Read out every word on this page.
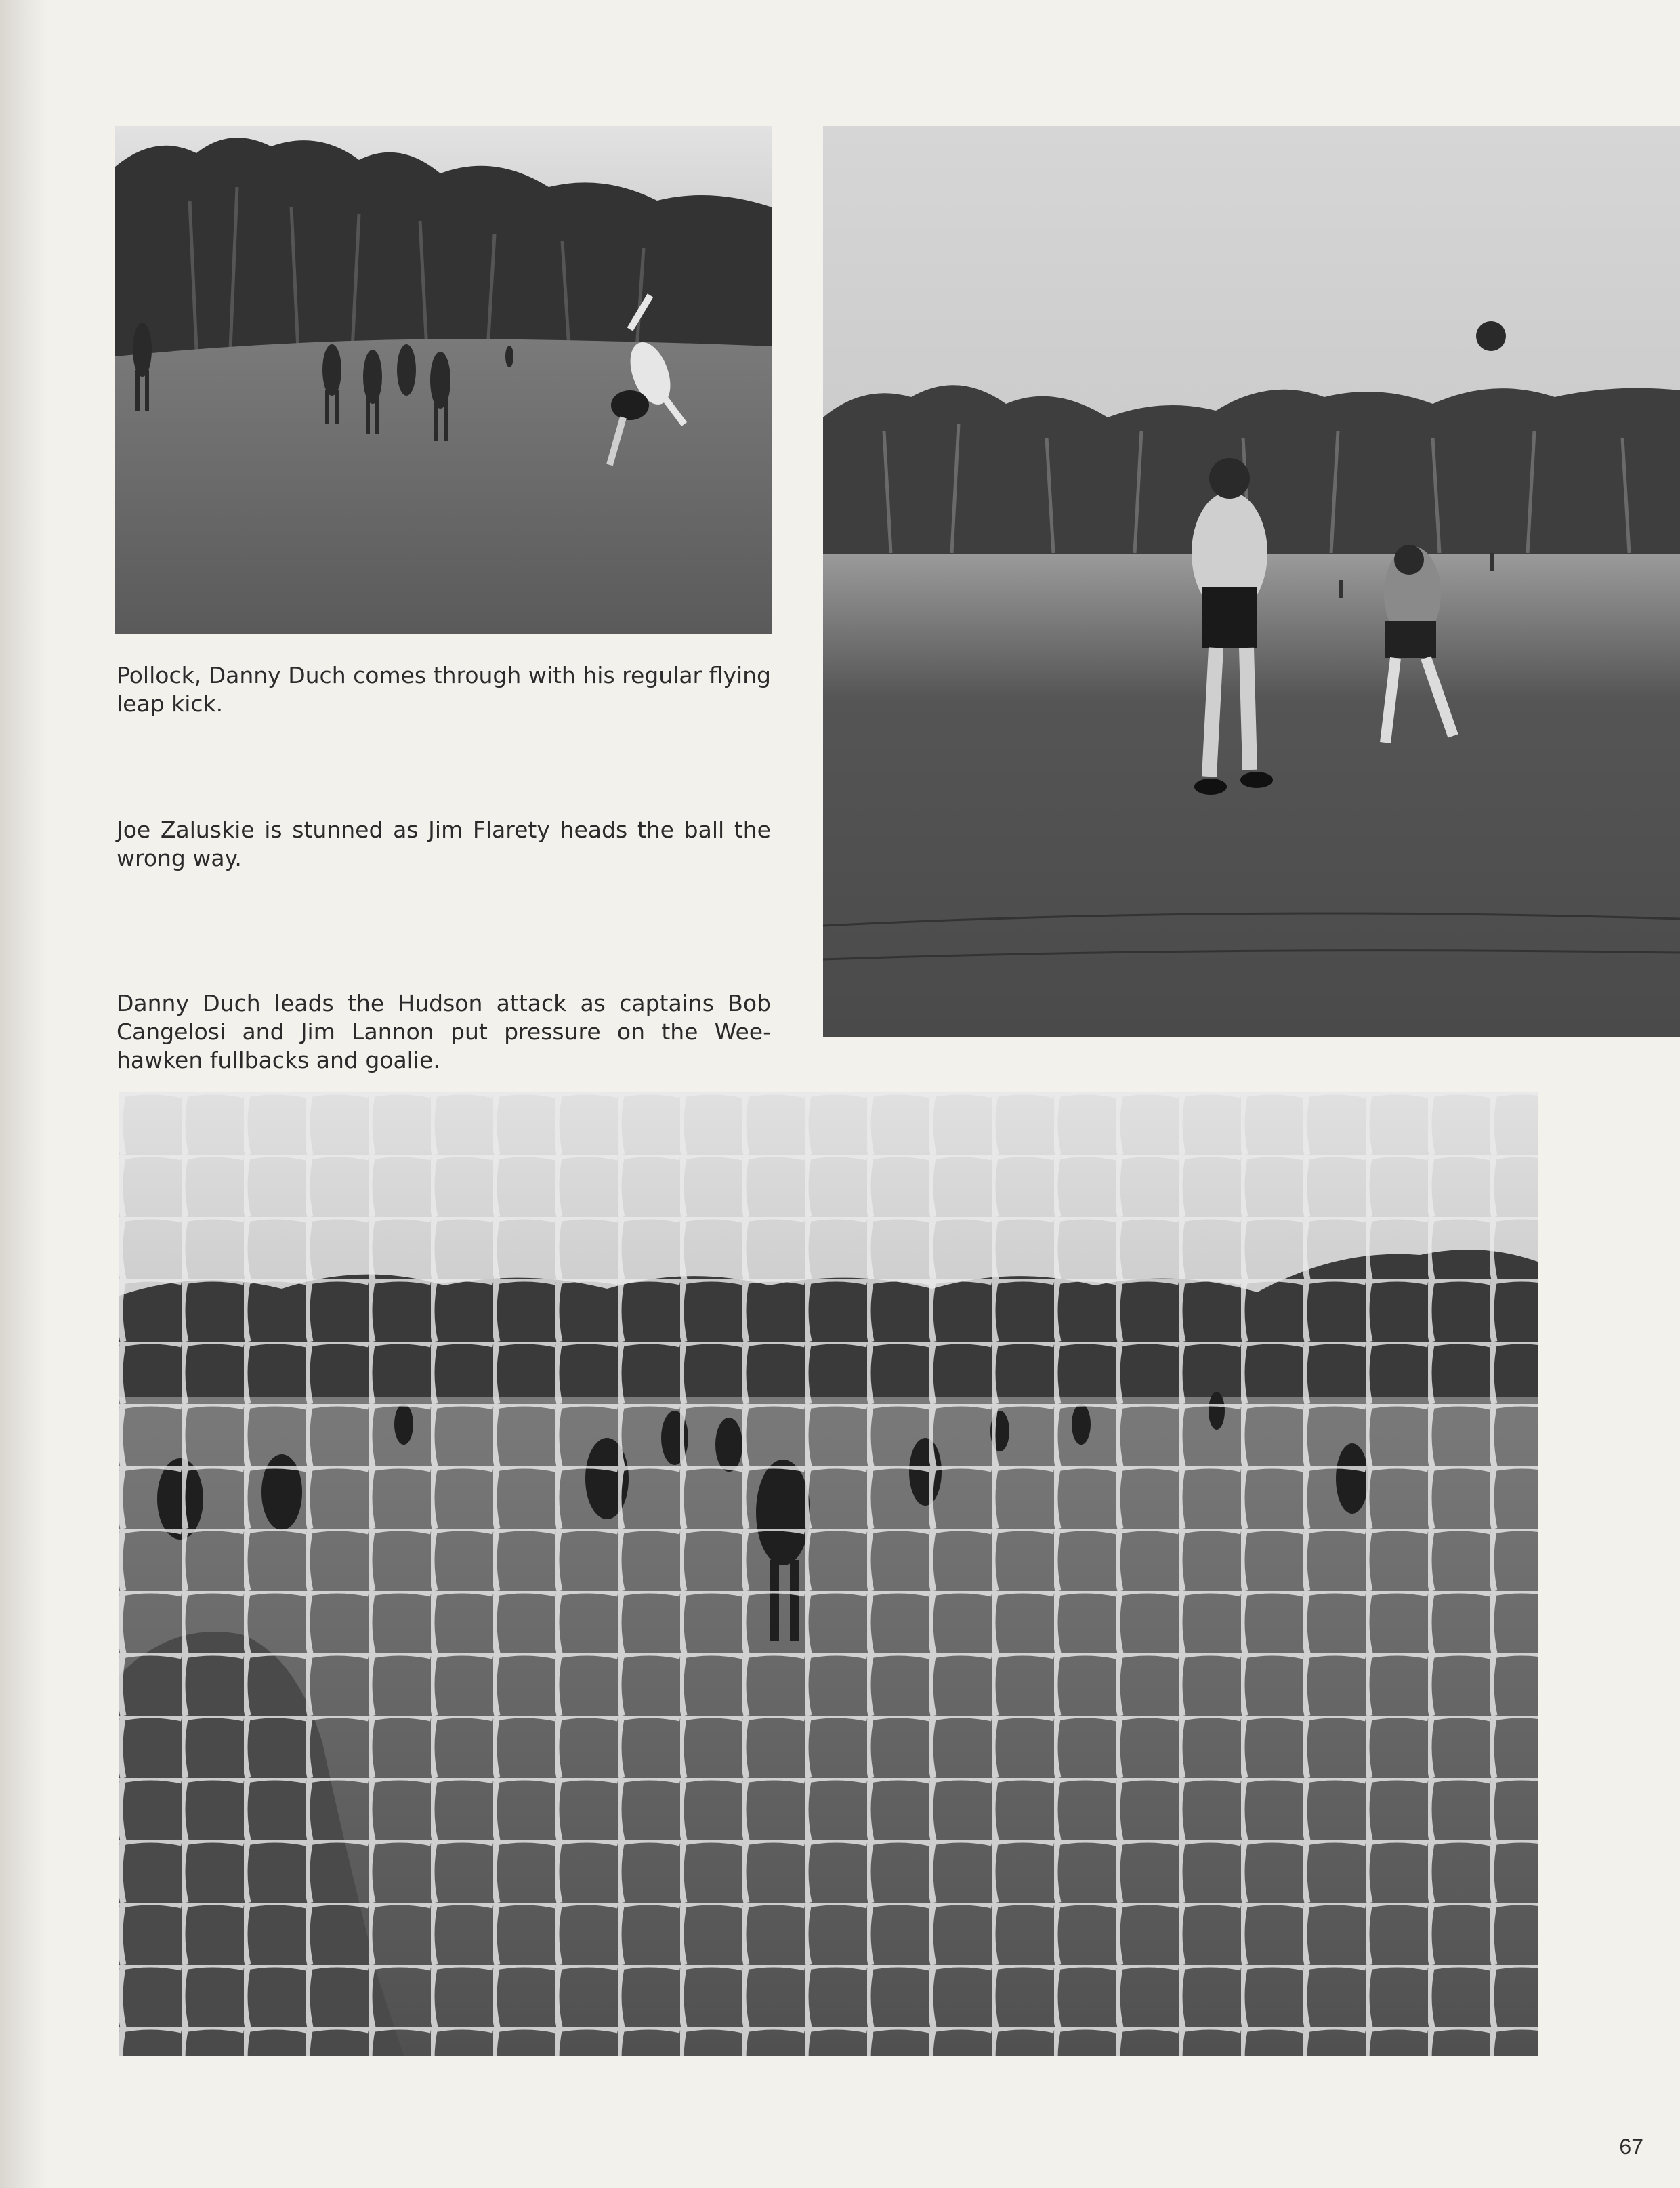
Pollock, Danny Duch comes through with his regular flying leap kick.

Joe Zaluskie is stunned as Jim Flarety heads the ball the wrong way.

Danny Duch leads the Hudson attack as captains Bob Cangelosi and Jim Lannon put pressure on the Wee-hawken fullbacks and goalie.

67
